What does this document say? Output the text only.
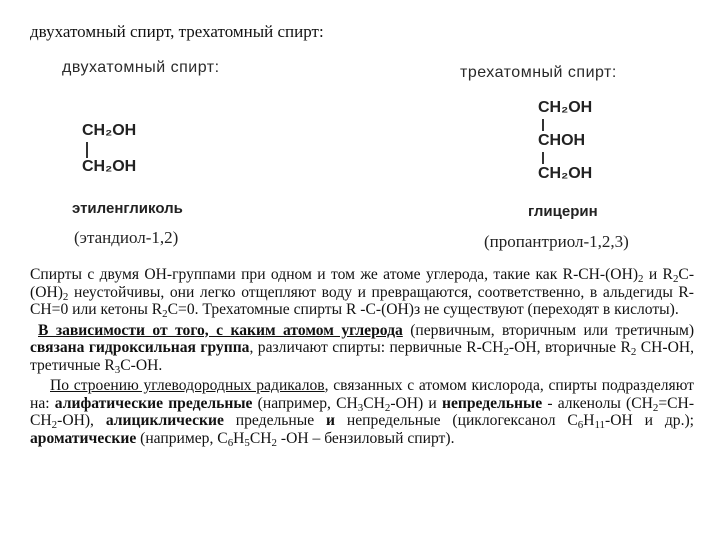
двухатомный спирт, трехатомный спирт:
двухатомный спирт:
CH₂OH
CH₂OH
этиленгликоль
(этандиол-1,2)
трехатомный спирт:
CH₂OH
CHOH
CH₂OH
глицерин
(пропантриол-1,2,3)

Спирты с двумя OH-группами при одном и том же атоме углерода, такие как $R-CH-(OH)_2$ и $R_2C-(OH)_2$ неустойчивы, они легко отщепляют воду и превращаются, соответственно, в альдегиды R-CH=0 или кетоны $R_2C=0$. Трехатомные спирты R -C-(OH)з не существуют (переходят в кислоты).

В зависимости от того, с каким атомом углерода (первичным, вторичным или третичным) связана гидроксильная группа, различают спирты: первичные $R-CH_2-OH$, вторичные $R_2$ CH-OH, третичные $R_3C-OH$.

По строению углеводородных радикалов, связанных с атомом кислорода, спирты подразделяют на: алифатические предельные (например, $CH_3CH_2-OH$) и непредельные - алкенолы $(CH_2=CH-CH_2-OH)$, алициклические предельные и непредельные (циклогексанол $C_6H_{11}-OH$ и др.); ароматические (например, $C_6H_5CH_2$ -OH – бензиловый спирт).
